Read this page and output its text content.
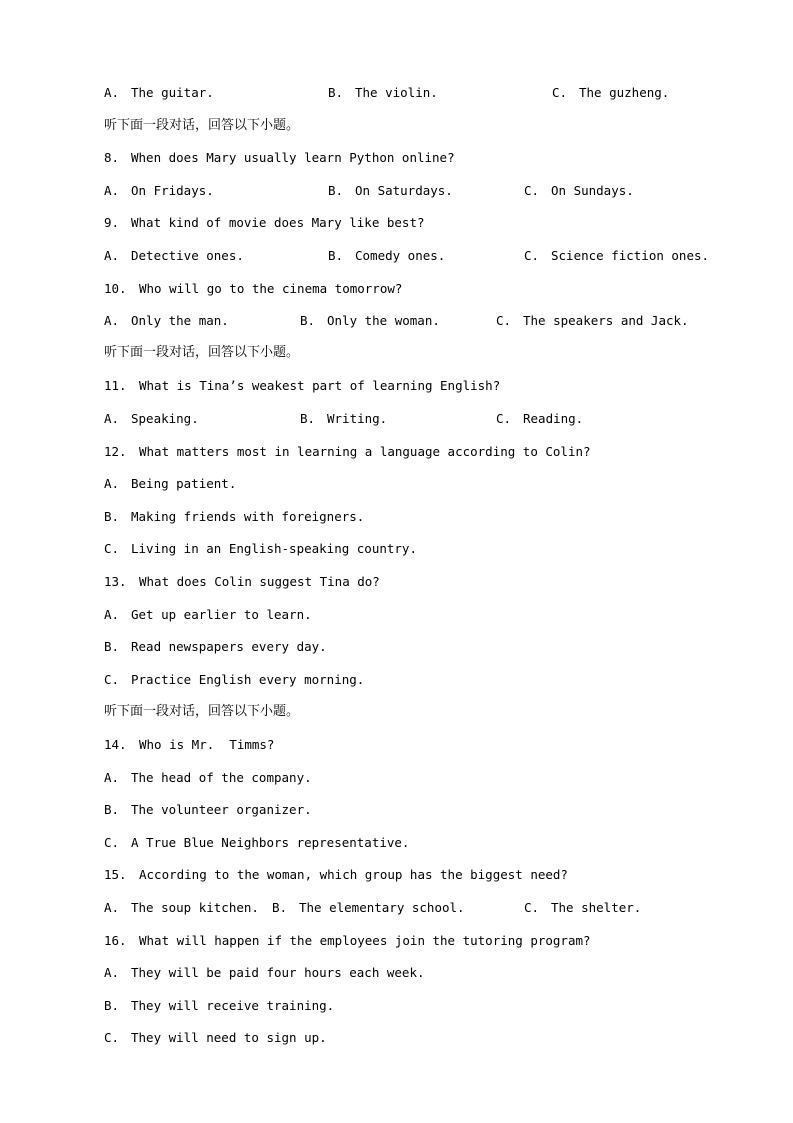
A. The guitar.	B. The violin.	C. The guzheng.
听下面一段对话，回答以下小题。
8. When does Mary usually learn Python online?
A. On Fridays.	B. On Saturdays.	C. On Sundays.
9. What kind of movie does Mary like best?
A. Detective ones.	B. Comedy ones.	C. Science fiction ones.
10. Who will go to the cinema tomorrow?
A. Only the man.	B. Only the woman.	C. The speakers and Jack.
听下面一段对话，回答以下小题。
11. What is Tina’s weakest part of learning English?
A. Speaking.	B. Writing.	C. Reading.
12. What matters most in learning a language according to Colin?
A. Being patient.
B. Making friends with foreigners.
C. Living in an English-speaking country.
13. What does Colin suggest Tina do?
A. Get up earlier to learn.
B. Read newspapers every day.
C. Practice English every morning.
听下面一段对话，回答以下小题。
14. Who is Mr.  Timms?
A. The head of the company.
B. The volunteer organizer.
C. A True Blue Neighbors representative.
15. According to the woman, which group has the biggest need?
A. The soup kitchen. B. The elementary school.	C. The shelter.
16. What will happen if the employees join the tutoring program?
A. They will be paid four hours each week.
B. They will receive training.
C. They will need to sign up.
